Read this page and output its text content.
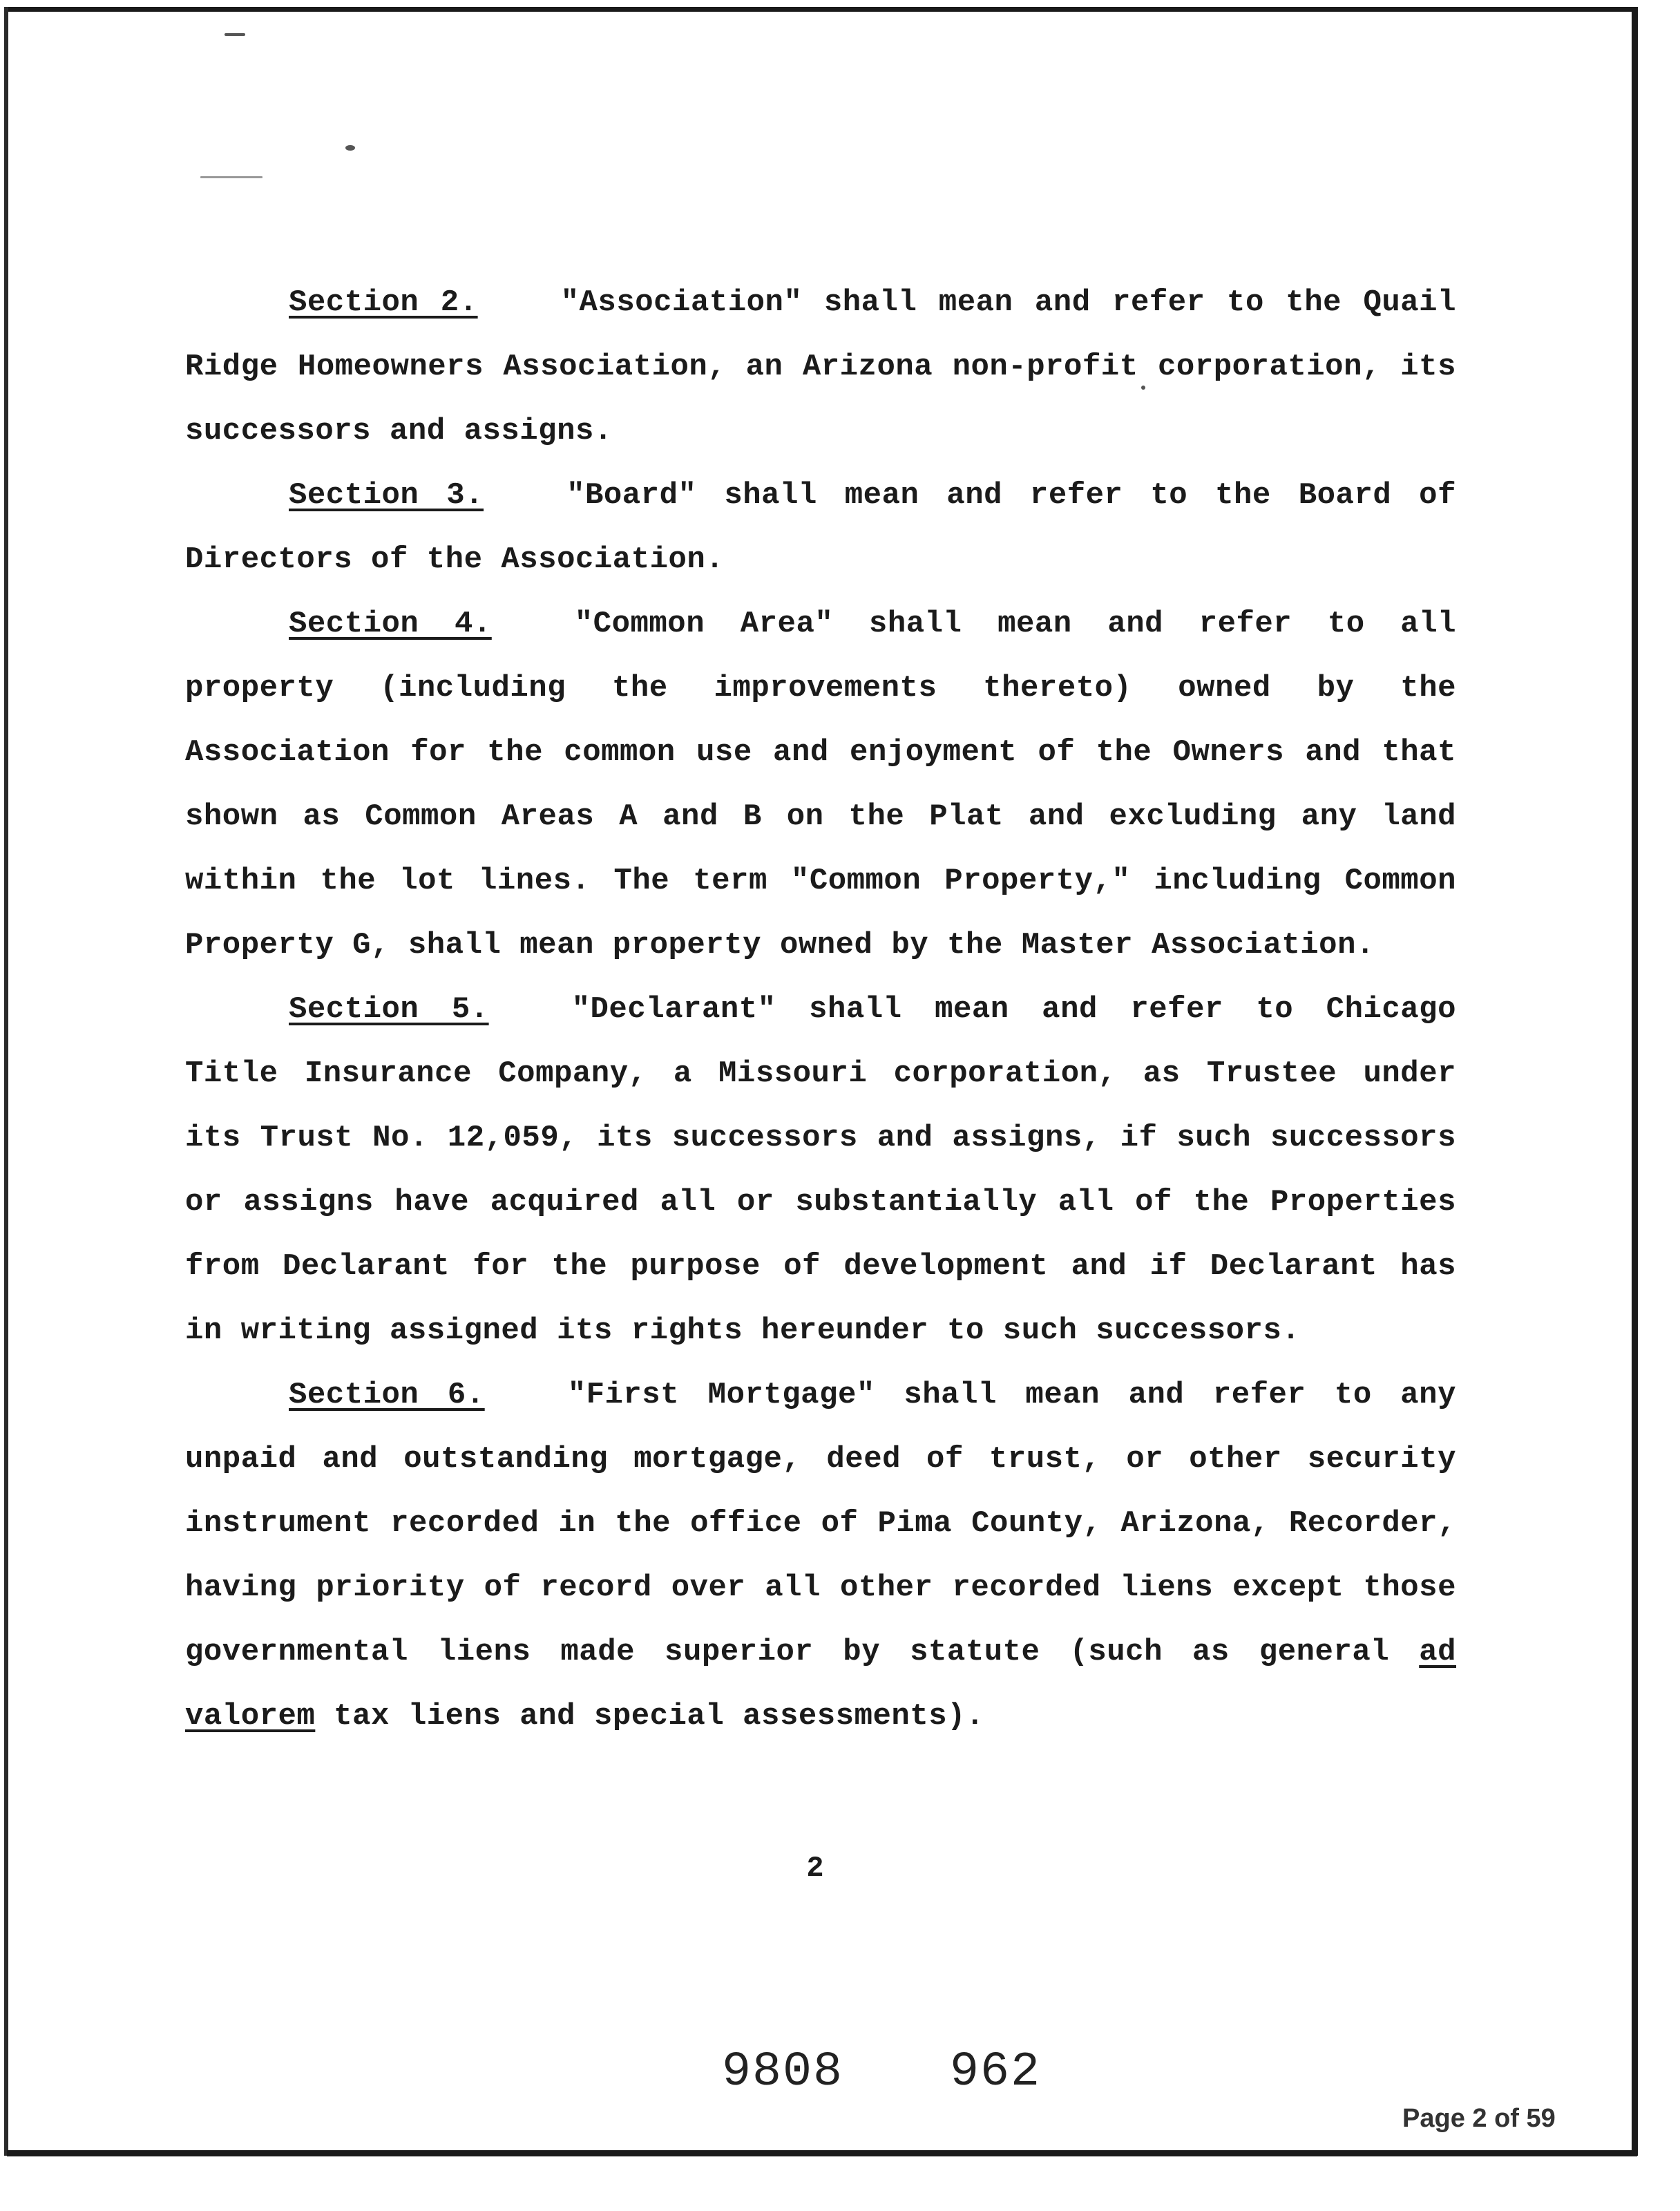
Section 2.	"Association" shall mean and refer to the Quail Ridge Homeowners Association, an Arizona non-profit corporation, its successors and assigns.

Section 3.	"Board" shall mean and refer to the Board of Directors of the Association.

Section 4.	"Common Area" shall mean and refer to all property (including the improvements thereto) owned by the Association for the common use and enjoyment of the Owners and that shown as Common Areas A and B on the Plat and excluding any land within the lot lines. The term "Common Property," including Common Property G, shall mean property owned by the Master Association.

Section 5.	"Declarant" shall mean and refer to Chicago Title Insurance Company, a Missouri corporation, as Trustee under its Trust No. 12,059, its successors and assigns, if such successors or assigns have acquired all or substantially all of the Properties from Declarant for the purpose of development and if Declarant has in writing assigned its rights hereunder to such successors.

Section 6.	"First Mortgage" shall mean and refer to any unpaid and outstanding mortgage, deed of trust, or other security instrument recorded in the office of Pima County, Arizona, Recorder, having priority of record over all other recorded liens except those governmental liens made superior by statute (such as general ad valorem tax liens and special assessments).

2
9808 962
Page 2 of 59
